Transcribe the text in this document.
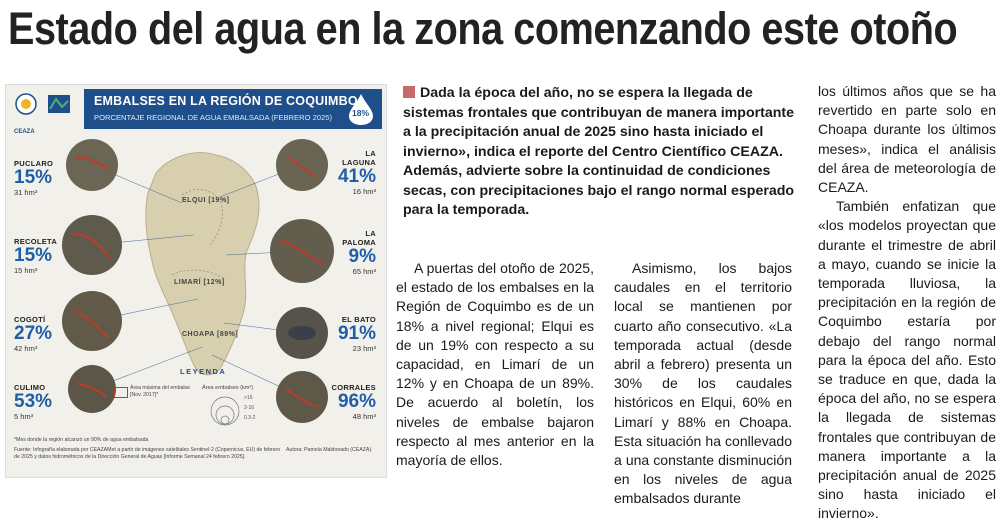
Estado del agua en la zona comenzando este otoño
CEAZA
EMBALSES EN LA REGIÓN DE COQUIMBO
PORCENTAJE REGIONAL DE AGUA EMBALSADA (FEBRERO 2025) 18%
PUCLARO
15%
31 hm³
RECOLETA
15%
15 hm³
COGOTÍ
27%
42 hm³
CULIMO
53%
5 hm³
LA
LAGUNA
41%
16 hm³
LA
PALOMA
9%
65 hm³
EL BATO
91%
23 hm³
CORRALES
96%
48 hm³
ELQUI [19%]
LIMARÍ [12%]
CHOAPA [89%]
LEYENDA
Área máxima del embalse [Nov. 2017]*
Área embalses (km²)
>16
2-16
0.3-2
*Mes donde la región alcanzó un 90% de agua embalsada
Fuente: Infografía elaborada por CEAZAMet a partir de imágenes satelitales Sentinel-2 (Copernicus, EU) de febrero de 2025 y datos hidrométricos de la Dirección General de Aguas [Informe Semanal 24 febrero 2025].
Autora: Pamela Maldonado (CEAZA).

Dada la época del año, no se espera la llegada de sistemas frontales que contribuyan de manera importante a la precipitación anual de 2025 sino hasta iniciado el invierno», indica el reporte del Centro Científico CEAZA. Además, advierte sobre la continuidad de condiciones secas, con precipitaciones bajo el rango normal esperado para la temporada.

A puertas del otoño de 2025, el estado de los embalses en la Región de Coquimbo es de un 18% a nivel regional; Elqui es de un 19% con respecto a su capacidad, en Limarí de un 12% y en Choapa de un 89%. De acuerdo al boletín, los niveles de embalse bajaron respecto al mes anterior en la mayoría de ellos.

Asimismo, los bajos caudales en el territorio local se mantienen por cuarto año consecutivo. «La temporada actual (desde abril a febrero) presenta un 30% de los caudales históricos en Elqui, 60% en Limarí y 88% en Choapa. Esta situación ha conllevado a una constante disminución en los niveles de agua embalsados durante

los últimos años que se ha revertido en parte solo en Choapa durante los últimos meses», indica el análisis del área de meteorología de CEAZA.

También enfatizan que «los modelos proyectan que durante el trimestre de abril a mayo, cuando se inicie la temporada lluviosa, la precipitación en la región de Coquimbo estaría por debajo del rango normal para la época del año. Esto se traduce en que, dada la época del año, no se espera la llegada de sistemas frontales que contribuyan de manera importante a la precipitación anual de 2025 sino hasta iniciado el invierno».
